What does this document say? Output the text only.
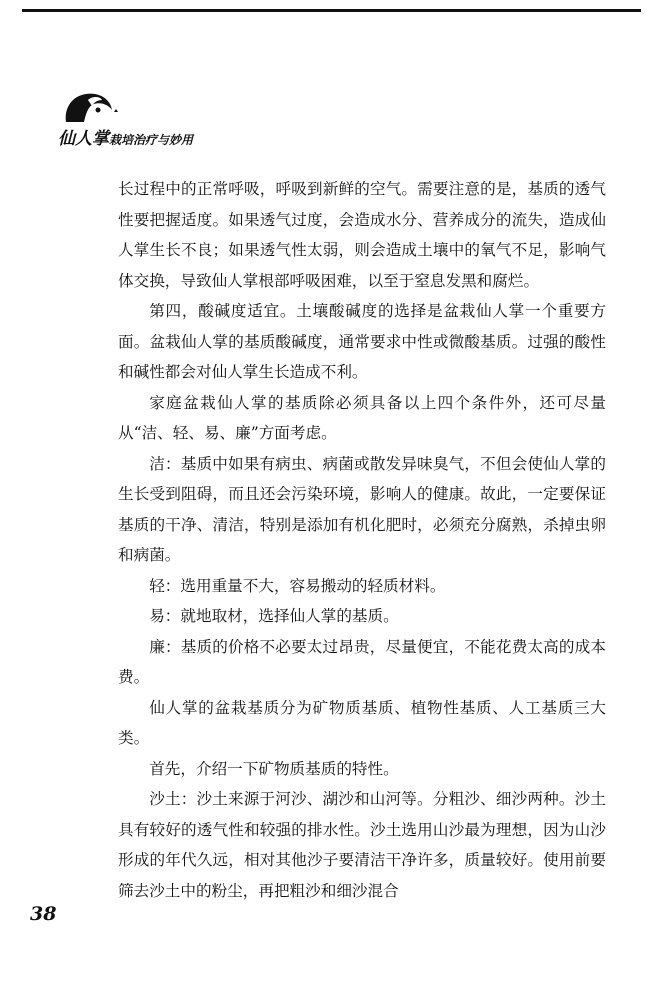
仙人掌栽培治疗与妙用

长过程中的正常呼吸，呼吸到新鲜的空气。需要注意的是，基质的透气性要把握适度。如果透气过度，会造成水分、营养成分的流失，造成仙人掌生长不良；如果透气性太弱，则会造成土壤中的氧气不足，影响气体交换，导致仙人掌根部呼吸困难，以至于窒息发黑和腐烂。

第四，酸碱度适宜。土壤酸碱度的选择是盆栽仙人掌一个重要方面。盆栽仙人掌的基质酸碱度，通常要求中性或微酸基质。过强的酸性和碱性都会对仙人掌生长造成不利。

家庭盆栽仙人掌的基质除必须具备以上四个条件外，还可尽量从“洁、轻、易、廉”方面考虑。

洁：基质中如果有病虫、病菌或散发异味臭气，不但会使仙人掌的生长受到阻碍，而且还会污染环境，影响人的健康。故此，一定要保证基质的干净、清洁，特别是添加有机化肥时，必须充分腐熟，杀掉虫卵和病菌。

轻：选用重量不大，容易搬动的轻质材料。

易：就地取材，选择仙人掌的基质。

廉：基质的价格不必要太过昂贵，尽量便宜，不能花费太高的成本费。

仙人掌的盆栽基质分为矿物质基质、植物性基质、人工基质三大类。

首先，介绍一下矿物质基质的特性。

沙土：沙土来源于河沙、湖沙和山河等。分粗沙、细沙两种。沙土具有较好的透气性和较强的排水性。沙土选用山沙最为理想，因为山沙形成的年代久远，相对其他沙子要清洁干净许多，质量较好。使用前要筛去沙土中的粉尘，再把粗沙和细沙混合

38
